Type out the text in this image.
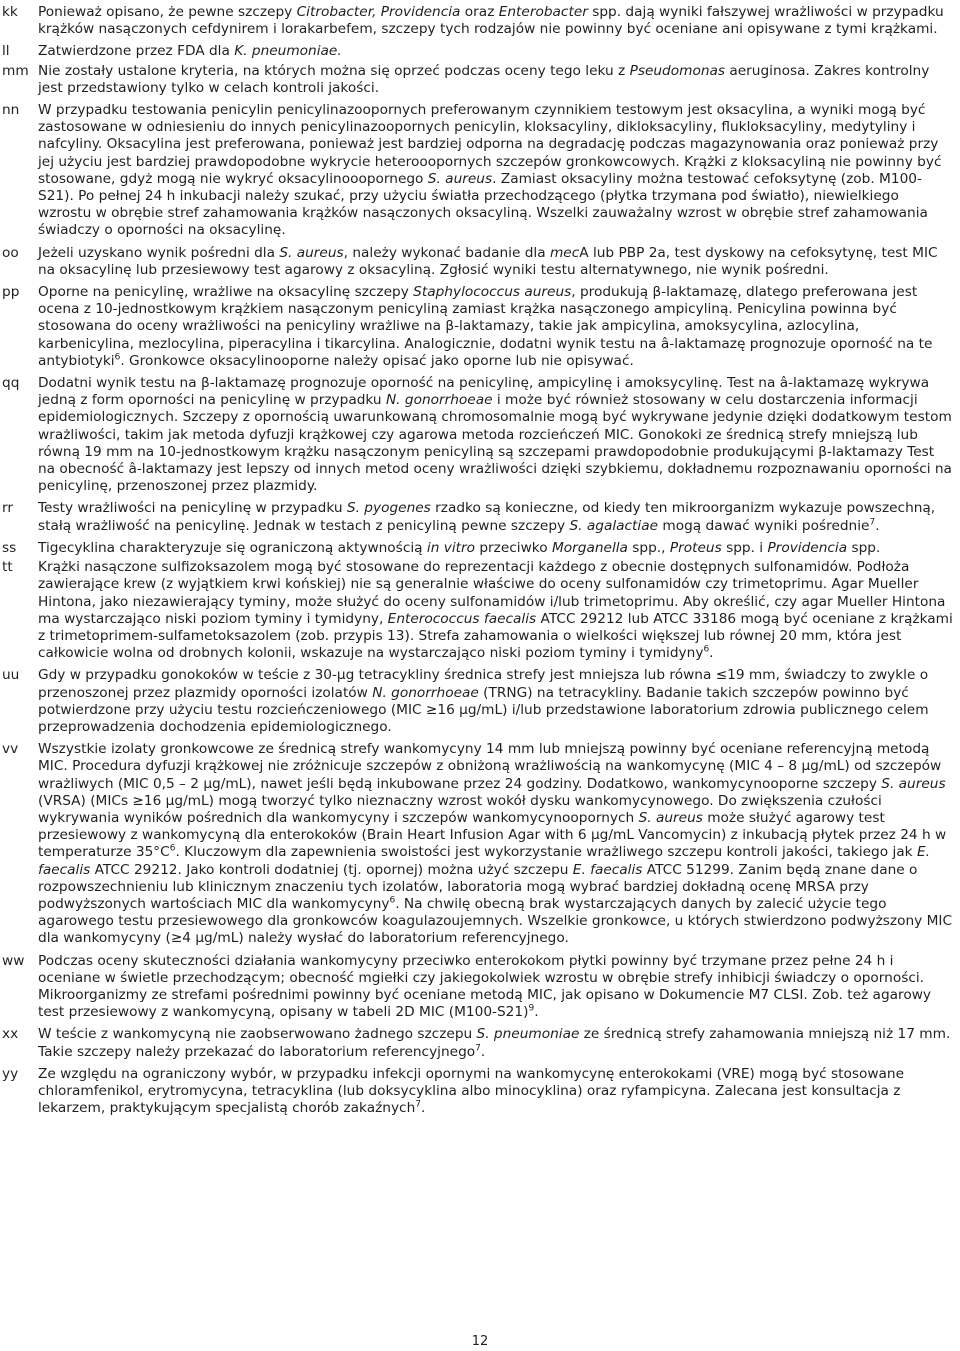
kk	Ponieważ opisano, że pewne szczepy Citrobacter, Providencia oraz Enterobacter spp. dają wyniki fałszywej wrażliwości w przypadku krążków nasączonych cefdynirem i lorakarbefem, szczepy tych rodzajów nie powinny być oceniane ani opisywane z tymi krążkami.
ll	Zatwierdzone przez FDA dla K. pneumoniae.
mm Nie zostały ustalone kryteria, na których można się oprzeć podczas oceny tego leku z Pseudomonas aeruginosa. Zakres kontrolny jest przedstawiony tylko w celach kontroli jakości.
nn	W przypadku testowania penicylin penicylinazoopornych preferowanym czynnikiem testowym jest oksacylina, a wyniki mogą być zastosowane w odniesieniu do innych penicylinazoopornych penicylin, kloksacyliny, dikloksacyliny, flukloksacyliny, medytyliny i nafcyliny. Oksacylina jest preferowana, ponieważ jest bardziej odporna na degradację podczas magazynowania oraz ponieważ przy jej użyciu jest bardziej prawdopodobne wykrycie heterooopornych szczepów gronkowcowych. Krążki z kloksacyliną nie powinny być stosowane, gdyż mogą nie wykryć oksacylinooopornego S. aureus. Zamiast oksacyliny można testować cefoksytynę (zob. M100-S21). Po pełnej 24 h inkubacji należy szukać, przy użyciu światła przechodzącego (płytka trzymana pod światło), niewielkiego wzrostu w obrębie stref zahamowania krążków nasączonych oksacyliną. Wszelki zauważalny wzrost w obrębie stref zahamowania świadczy o oporności na oksacylinę.
oo	Jeżeli uzyskano wynik pośredni dla S. aureus, należy wykonać badanie dla mecA lub PBP 2a, test dyskowy na cefoksytynę, test MIC na oksacylinę lub przesiewowy test agarowy z oksacyliną. Zgłosić wyniki testu alternatywnego, nie wynik pośredni.
pp	Oporne na penicylinę, wrażliwe na oksacylinę szczepy Staphylococcus aureus, produkują β-laktamazę, dlatego preferowana jest ocena z 10-jednostkowym krążkiem nasączonym penicyliną zamiast krążka nasączonego ampicyliną. Penicylina powinna być stosowana do oceny wrażliwości na penicyliny wrażliwe na β-laktamazy, takie jak ampicylina, amoksycylina, azlocylina, karbenicylina, mezlocylina, piperacylina i tikarcylina. Analogicznie, dodatni wynik testu na â-laktamazę prognozuje oporność na te antybiotyki$^6$. Gronkowce oksacylinooporne należy opisać jako oporne lub nie opisywać.
qq	Dodatni wynik testu na β-laktamazę prognozuje oporność na penicylinę, ampicylinę i amoksycylinę. Test na â-laktamazę wykrywa jedną z form oporności na penicylinę w przypadku N. gonorrhoeae i może być również stosowany w celu dostarczenia informacji epidemiologicznych. Szczepy z opornością uwarunkowaną chromosomalnie mogą być wykrywane jedynie dzięki dodatkowym testom wrażliwości, takim jak metoda dyfuzji krążkowej czy agarowa metoda rozcieńczeń MIC. Gonokoki ze średnicą strefy mniejszą lub równą 19 mm na 10-jednostkowym krążku nasączonym penicyliną są szczepami prawdopodobnie produkującymi β-laktamazy Test na obecność â-laktamazy jest lepszy od innych metod oceny wrażliwości dzięki szybkiemu, dokładnemu rozpoznawaniu oporności na penicylinę, przenoszonej przez plazmidy.
rr	Testy wrażliwości na penicylinę w przypadku S. pyogenes rzadko są konieczne, od kiedy ten mikroorganizm wykazuje powszechną, stałą wrażliwość na penicylinę. Jednak w testach z penicyliną pewne szczepy S. agalactiae mogą dawać wyniki pośrednie$^7$.
ss	Tigecyklina charakteryzuje się ograniczoną aktywnością in vitro przeciwko Morganella spp., Proteus spp. i Providencia spp.
tt	Krążki nasączone sulfizoksazolem mogą być stosowane do reprezentacji każdego z obecnie dostępnych sulfonamidów. Podłoża zawierające krew (z wyjątkiem krwi końskiej) nie są generalnie właściwe do oceny sulfonamidów czy trimetoprimu. Agar Mueller Hintona, jako niezawierający tyminy, może służyć do oceny sulfonamidów i/lub trimetoprimu. Aby określić, czy agar Mueller Hintona ma wystarczająco niski poziom tyminy i tymidyny, Enterococcus faecalis ATCC 29212 lub ATCC 33186 mogą być oceniane z krążkami z trimetoprimem-sulfametoksazolem (zob. przypis 13). Strefa zahamowania o wielkości większej lub równej 20 mm, która jest całkowicie wolna od drobnych kolonii, wskazuje na wystarczająco niski poziom tyminy i tymidyny$^6$.
uu	Gdy w przypadku gonokoków w teście z 30-μg tetracykliny średnica strefy jest mniejsza lub równa ≤19 mm, świadczy to zwykle o przenoszonej przez plazmidy oporności izolatów N. gonorrhoeae (TRNG) na tetracykliny. Badanie takich szczepów powinno być potwierdzone przy użyciu testu rozcieńczeniowego (MIC ≥16 μg/mL) i/lub przedstawione laboratorium zdrowia publicznego celem przeprowadzenia dochodzenia epidemiologicznego.
vv	Wszystkie izolaty gronkowcowe ze średnicą strefy wankomycyny 14 mm lub mniejszą powinny być oceniane referencyjną metodą MIC. Procedura dyfuzji krążkowej nie zróżnicuje szczepów z obniżoną wrażliwością na wankomycynę (MIC 4 – 8 μg/mL) od szczepów wrażliwych (MIC 0,5 – 2 μg/mL), nawet jeśli będą inkubowane przez 24 godziny. Dodatkowo, wankomycynooporne szczepy S. aureus (VRSA) (MICs ≥16 μg/mL) mogą tworzyć tylko nieznaczny wzrost wokół dysku wankomycynowego. Do zwiększenia czułości wykrywania wyników pośrednich dla wankomycyny i szczepów wankomycynoopornych S. aureus może służyć agarowy test przesiewowy z wankomycyną dla enterokoków (Brain Heart Infusion Agar with 6 μg/mL Vancomycin) z inkubacją płytek przez 24 h w temperaturze $35^\circ C^6$. Kluczowym dla zapewnienia swoistości jest wykorzystanie wrażliwego szczepu kontroli jakości, takiego jak E. faecalis ATCC 29212. Jako kontroli dodatniej (tj. opornej) można użyć szczepu E. faecalis ATCC 51299. Zanim będą znane dane o rozpowszechnieniu lub klinicznym znaczeniu tych izolatów, laboratoria mogą wybrać bardziej dokładną ocenę MRSA przy podwyższonych wartościach MIC dla wankomycyny$^6$. Na chwilę obecną brak wystarczających danych by zalecić użycie tego agarowego testu przesiewowego dla gronkowców koagulazoujemnych. Wszelkie gronkowce, u których stwierdzono podwyższony MIC dla wankomycyny (≥4 μg/mL) należy wysłać do laboratorium referencyjnego.
ww Podczas oceny skuteczności działania wankomycyny przeciwko enterokokom płytki powinny być trzymane przez pełne 24 h i oceniane w świetle przechodzącym; obecność mgiełki czy jakiegokolwiek wzrostu w obrębie strefy inhibicji świadczy o oporności. Mikroorganizmy ze strefami pośrednimi powinny być oceniane metodą MIC, jak opisano w Dokumencie M7 CLSI. Zob. też agarowy test przesiewowy z wankomycyną, opisany w tabeli 2D MIC $(M100-S21)^9$.
xx	W teście z wankomycyną nie zaobserwowano żadnego szczepu S. pneumoniae ze średnicą strefy zahamowania mniejszą niż 17 mm. Takie szczepy należy przekazać do laboratorium referencyjnego$^7$.
yy	Ze względu na ograniczony wybór, w przypadku infekcji opornymi na wankomycynę enterokokami (VRE) mogą być stosowane chloramfenikol, erytromycyna, tetracyklina (lub doksycyklina albo minocyklina) oraz ryfampicyna. Zalecana jest konsultacja z lekarzem, praktykującym specjalistą chorób zakaźnych$^7$.
12
